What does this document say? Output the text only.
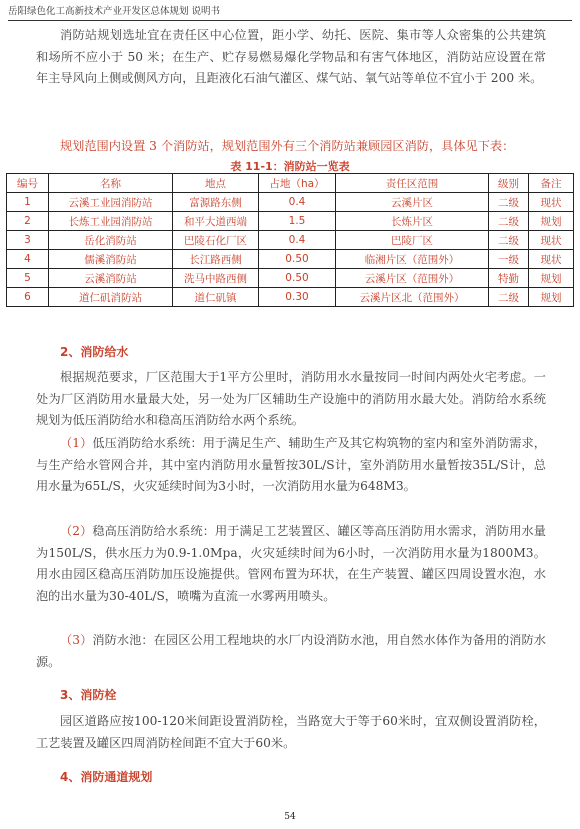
岳阳绿色化工高新技术产业开发区总体规划 说明书

消防站规划选址宜在责任区中心位置，距小学、幼托、医院、集市等人众密集的公共建筑和场所不应小于 50 米；在生产、贮存易燃易爆化学物品和有害气体地区，消防站应设置在常年主导风向上侧或侧风方向，且距液化石油气灌区、煤气站、氧气站等单位不宜小于 200 米。

规划范围内设置 3 个消防站，规划范围外有三个消防站兼顾园区消防，具体见下表：

表 11-1：消防站一览表
编号	名称	地点	占地（ha）	责任区范围	级别	备注
1	云溪工业园消防站	富源路东侧	0.4	云溪片区	二级	现状
2	长炼工业园消防站	和平大道西端	1.5	长炼片区	二级	规划
3	岳化消防站	巴陵石化厂区	0.4	巴陵厂区	二级	现状
4	儒溪消防站	长江路西侧	0.50	临湘片区（范围外）	一级	现状
5	云溪消防站	洗马中路西侧	0.50	云溪片区（范围外）	特勤	规划
6	道仁矶消防站	道仁矶镇	0.30	云溪片区北（范围外）	二级	规划
2、消防给水

根据规范要求，厂区范围大于1平方公里时，消防用水水量按同一时间内两处火宅考虑。一处为厂区消防用水量最大处，另一处为厂区辅助生产设施中的消防用水最大处。消防给水系统规划为低压消防给水和稳高压消防给水两个系统。

（1）低压消防给水系统：用于满足生产、辅助生产及其它构筑物的室内和室外消防需求，与生产给水管网合并，其中室内消防用水量暂按30L/S计，室外消防用水量暂按35L/S计，总用水量为65L/S，火灾延续时间为3小时，一次消防用水量为648M3。

（2）稳高压消防给水系统：用于满足工艺装置区、罐区等高压消防用水需求，消防用水量为150L/S，供水压力为0.9-1.0Mpa，火灾延续时间为6小时，一次消防用水量为1800M3。用水由园区稳高压消防加压设施提供。管网布置为环状，在生产装置、罐区四周设置水泡，水泡的出水量为30-40L/S，喷嘴为直流一水雾两用喷头。

（3）消防水池：在园区公用工程地块的水厂内设消防水池，用自然水体作为备用的消防水源。

3、消防栓

园区道路应按100-120米间距设置消防栓，当路宽大于等于60米时，宜双侧设置消防栓，工艺装置及罐区四周消防栓间距不宜大于60米。

4、消防通道规划
54
